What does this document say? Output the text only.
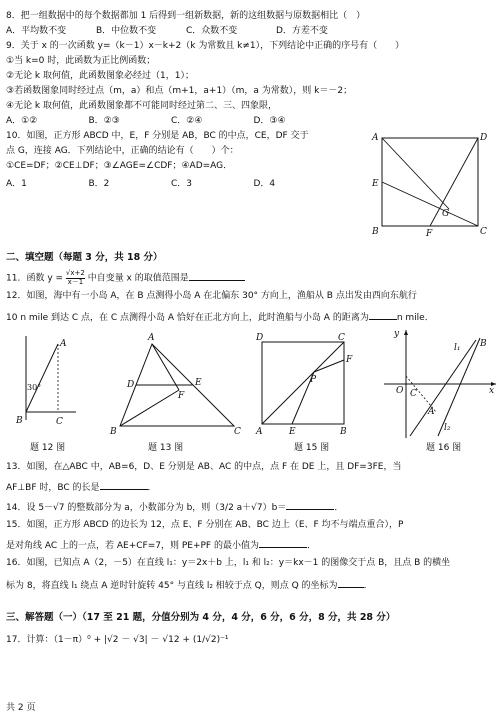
8．把一组数据中的每个数据都加 1 后得到一组新数据，新的这组数据与原数据相比（　）
A．平均数不变	B．中位数不变	C．众数不变	D．方差不变
9．关于 x 的一次函数 y=（k－1）x－k+2（k 为常数且 k≠1），下列结论中正确的序号有（　　）
①当 k=0 时，此函数为正比例函数；
②无论 k 取何值，此函数图象必经过（1，1）；
③若函数图象同时经过点（m，a）和点（m+1，a+1）（m，a 为常数），则 k＝－2；
④无论 k 取何值，此函数图象都不可能同时经过第二、三、四象限，
A．①②	B．②③	C．②④	D．③④
10．如图，正方形 ABCD 中，E，F 分别是 AB，BC 的中点，CE，DF 交于
点 G，连接 AG．下列结论中，正确的结论有（　　）个：
①CE=DF；②CE⊥DF；③∠AGE=∠CDF；④AD=AG．
A．1	B．2	C．3	D．4
A	D
E
G
B	F	C
二、填空题（每题 3 分，共 18 分）
11．函数 $y = \frac{√x+2}{x-1}$ 中自变量 x 的取值范围是
12．如图，海中有一小岛 A，在 B 点测得小岛 A 在北偏东 30° 方向上，渔船从 B 点出发由西向东航行
10 n mile 到达 C 点，在 C 点测得小岛 A 恰好在正北方向上，此时渔船与小岛 A 的距离为	n mile．
A
30°
B	C
题 12 图
A
D	E
F
B	C
题 13 图
D	C
F
P
A	E	B
题 15 图
y
l₁ B
O C	x
l₂
A
题 16 图
13．如图，在△ABC 中，AB=6，D、E 分别是 AB、AC 的中点，点 F 在 DE 上，且 DF=3FE，当
AF⊥BF 时，BC 的长是	．
14．设 5－√7 的整数部分为 a，小数部分为 b，则（3/2 a＋√7）b＝	．
15．如图，正方形 ABCD 的边长为 12，点 E、F 分别在 AB、BC 边上（E、F 均不与端点重合），P
是对角线 AC 上的一点，若 AE+CF=7，则 PE+PF 的最小值为	．
16．如图，已知点 A（2，－5）在直线 l₁：y＝2x＋b 上，l₁ 和 l₂：y＝kx－1 的图像交于点 B，且点 B 的横坐
标为 8，将直线 l₁ 绕点 A 逆时针旋转 45° 与直线 l₂ 相较于点 Q，则点 Q 的坐标为	．
三、解答题（一）（17 至 21 题，分值分别为 4 分，4 分，6 分，6 分，8 分，共 28 分）
17．计算：（1－π）⁰ + |√2 － √3| － √12 + (1/√2)⁻¹
共 2 页
